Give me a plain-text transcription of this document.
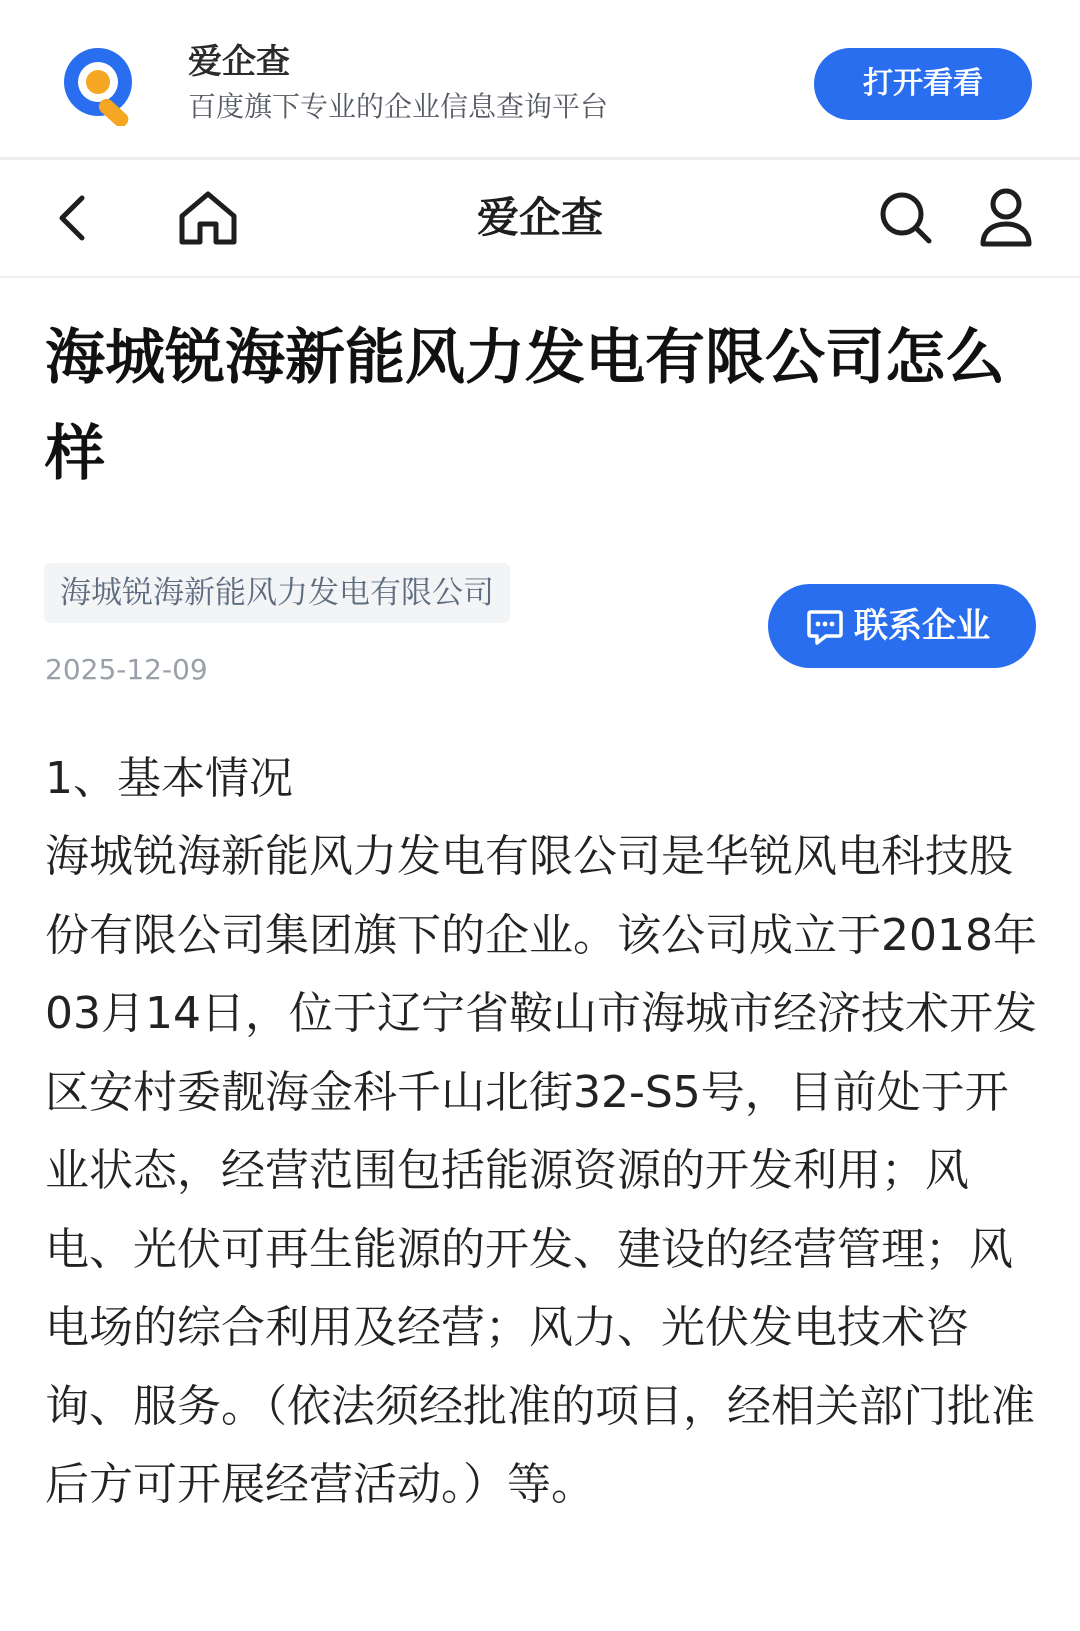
爱企查
百度旗下专业的企业信息查询平台
打开看看
爱企查
海城锐海新能风力发电有限公司怎么样
海城锐海新能风力发电有限公司
联系企业
2025-12-09
1、基本情况

海城锐海新能风力发电有限公司是华锐风电科技股份有限公司集团旗下的企业。该公司成立于2018年03月14日，位于辽宁省鞍山市海城市经济技术开发区安村委靓海金科千山北街32-S5号，目前处于开业状态，经营范围包括能源资源的开发利用；风电、光伏可再生能源的开发、建设的经营管理；风电场的综合利用及经营；风力、光伏发电技术咨询、服务。（依法须经批准的项目，经相关部门批准后方可开展经营活动。）等。
